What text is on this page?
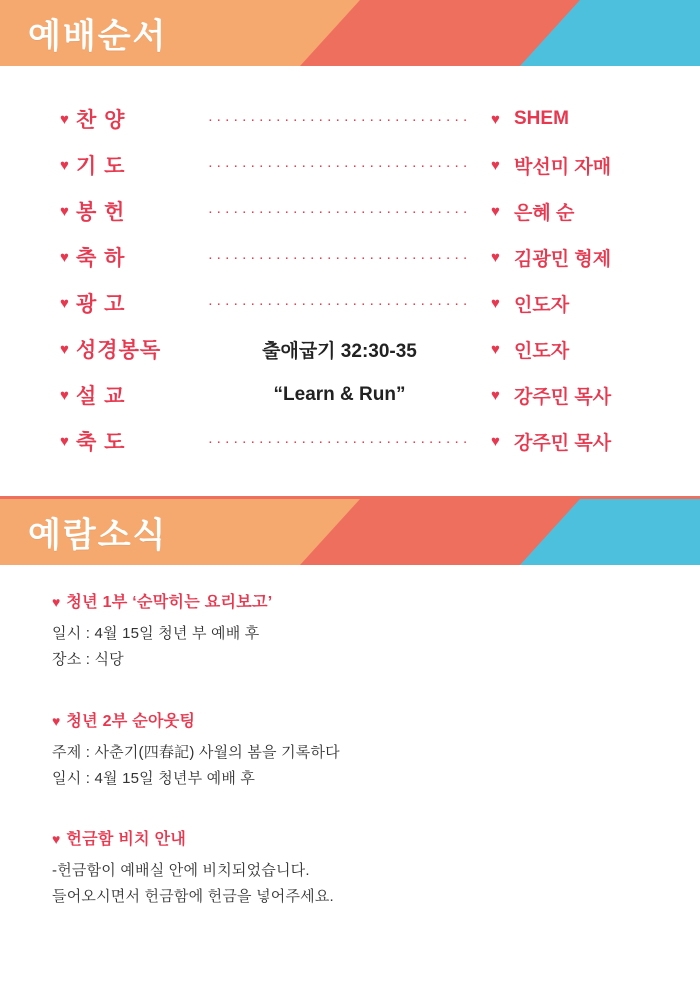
예배순서
♥ 찬 양	·······························	♥ SHEM
♥ 기 도	·······························	♥ 박선미 자매
♥ 봉 헌	·······························	♥ 은혜 순
♥ 축 하	·······························	♥ 김광민 형제
♥ 광 고	·······························	♥ 인도자
♥ 성경봉독	출애굽기 32:30-35	♥ 인도자
♥ 설 교	“Learn & Run”	♥ 강주민 목사
♥ 축 도	·······························	♥ 강주민 목사
예람소식
♥ 청년 1부 ‘순막히는 요리보고’
일시 : 4월 15일 청년 부 예배 후
장소 : 식당
♥ 청년 2부 순아웃팅
주제 : 사춘기(四春記) 사월의 봄을 기록하다
일시 : 4월 15일 청년부 예배 후
♥ 헌금함 비치 안내
-헌금함이 예배실 안에 비치되었습니다.
들어오시면서 헌금함에 헌금을 넣어주세요.
